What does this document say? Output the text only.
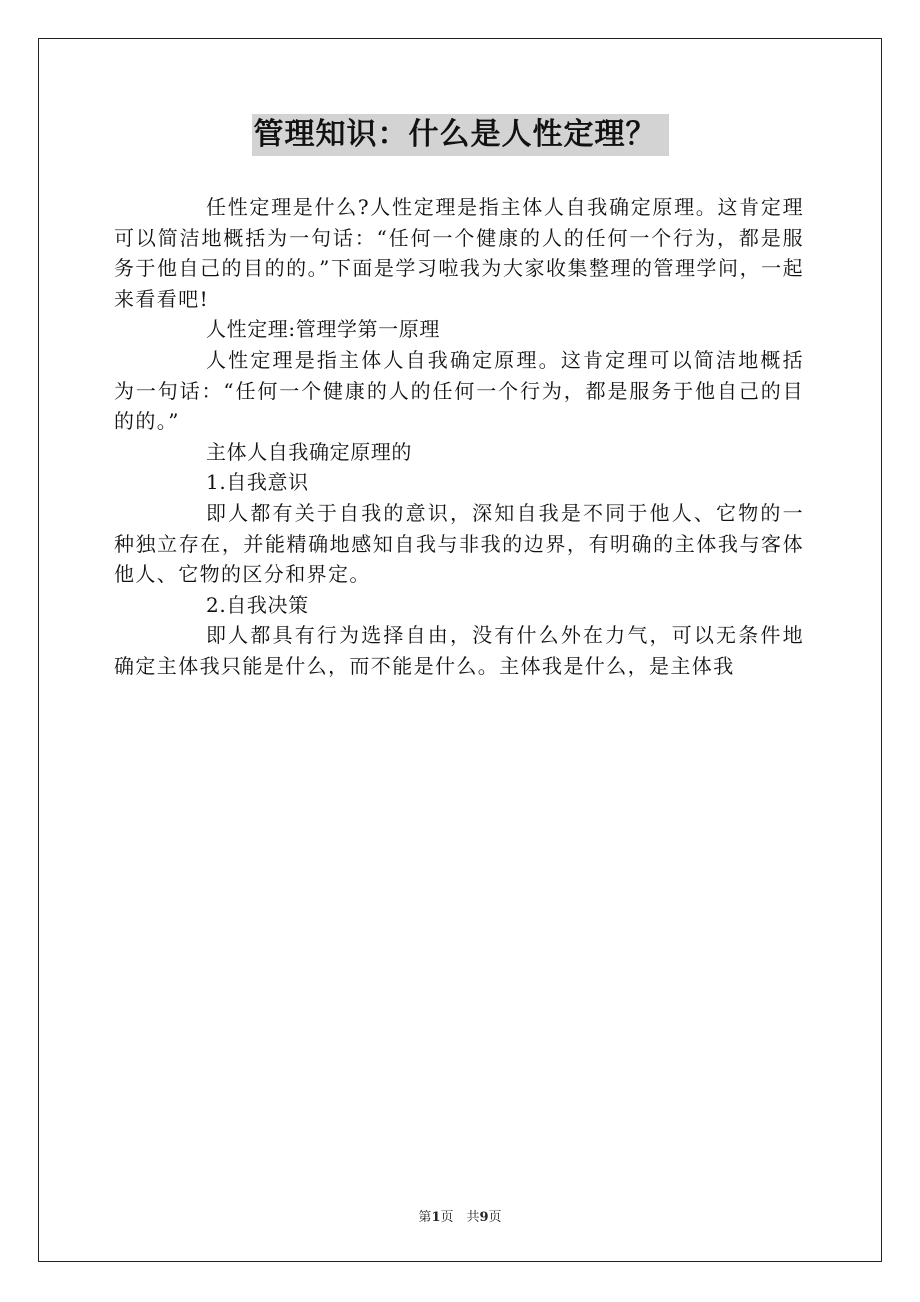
管理知识：什么是人性定理？

任性定理是什么?人性定理是指主体人自我确定原理。这肯定理可以简洁地概括为一句话：“任何一个健康的人的任何一个行为，都是服务于他自己的目的的。”下面是学习啦我为大家收集整理的管理学问，一起来看看吧!

人性定理:管理学第一原理

人性定理是指主体人自我确定原理。这肯定理可以简洁地概括为一句话：“任何一个健康的人的任何一个行为，都是服务于他自己的目的的。”

主体人自我确定原理的

1.自我意识

即人都有关于自我的意识，深知自我是不同于他人、它物的一种独立存在，并能精确地感知自我与非我的边界，有明确的主体我与客体他人、它物的区分和界定。

2.自我决策

即人都具有行为选择自由，没有什么外在力气，可以无条件地确定主体我只能是什么，而不能是什么。主体我是什么，是主体我

第1页　共9页
